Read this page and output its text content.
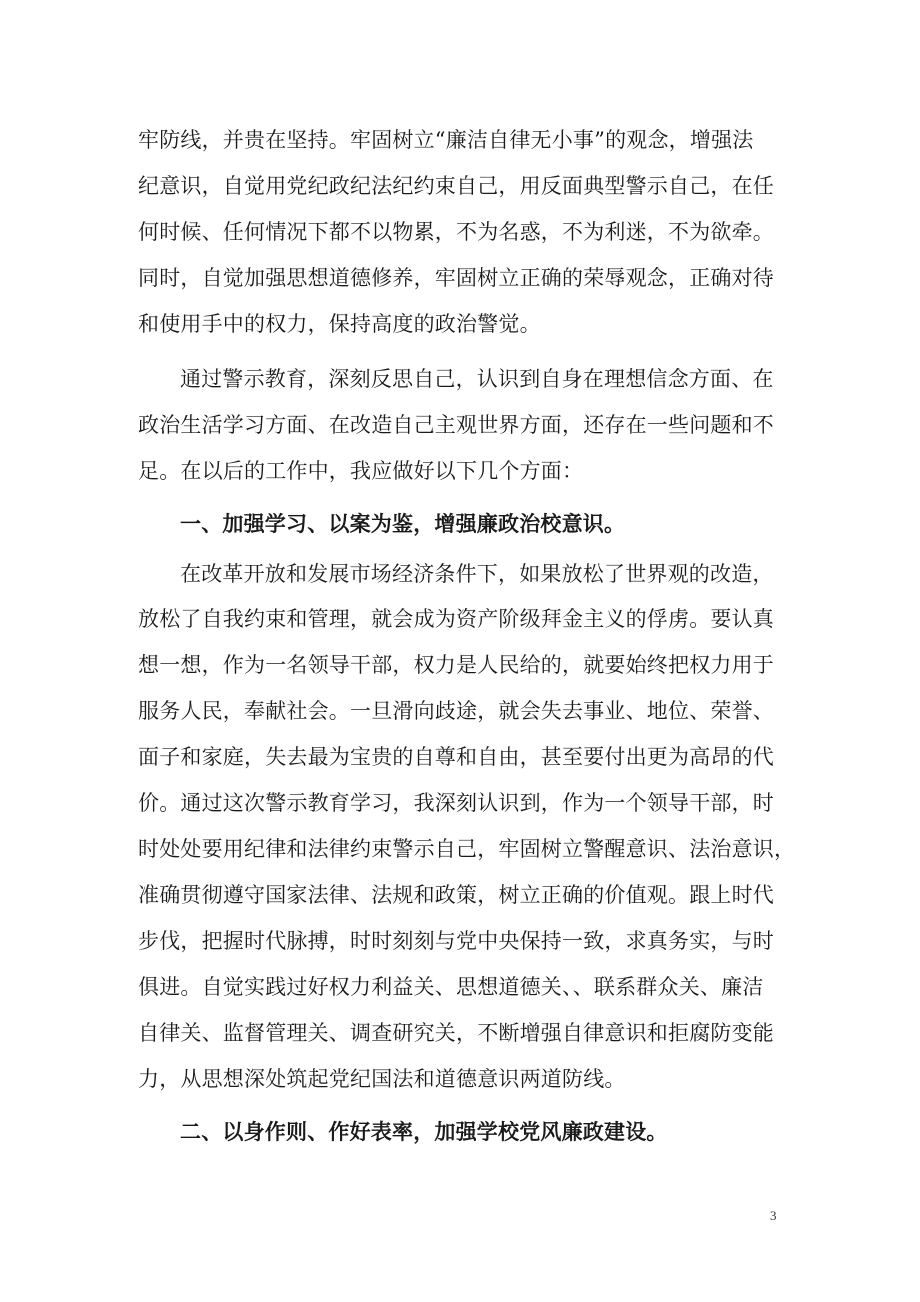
牢防线，并贵在坚持。牢固树立“廉洁自律无小事”的观念，增强法
纪意识，自觉用党纪政纪法纪约束自己，用反面典型警示自己，在任
何时候、任何情况下都不以物累，不为名惑，不为利迷，不为欲牵。
同时，自觉加强思想道德修养，牢固树立正确的荣辱观念，正确对待
和使用手中的权力，保持高度的政治警觉。
通过警示教育，深刻反思自己，认识到自身在理想信念方面、在
政治生活学习方面、在改造自己主观世界方面，还存在一些问题和不
足。在以后的工作中，我应做好以下几个方面：
一、加强学习、以案为鉴，增强廉政治校意识。
在改革开放和发展市场经济条件下，如果放松了世界观的改造，
放松了自我约束和管理，就会成为资产阶级拜金主义的俘虏。要认真
想一想，作为一名领导干部，权力是人民给的，就要始终把权力用于
服务人民，奉献社会。一旦滑向歧途，就会失去事业、地位、荣誉、
面子和家庭，失去最为宝贵的自尊和自由，甚至要付出更为高昂的代
价。通过这次警示教育学习，我深刻认识到，作为一个领导干部，时
时处处要用纪律和法律约束警示自己，牢固树立警醒意识、法治意识，
准确贯彻遵守国家法律、法规和政策，树立正确的价值观。跟上时代
步伐，把握时代脉搏，时时刻刻与党中央保持一致，求真务实，与时
俱进。自觉实践过好权力利益关、思想道德关、、联系群众关、廉洁
自律关、监督管理关、调查研究关，不断增强自律意识和拒腐防变能
力，从思想深处筑起党纪国法和道德意识两道防线。
二、以身作则、作好表率，加强学校党风廉政建设。
3
